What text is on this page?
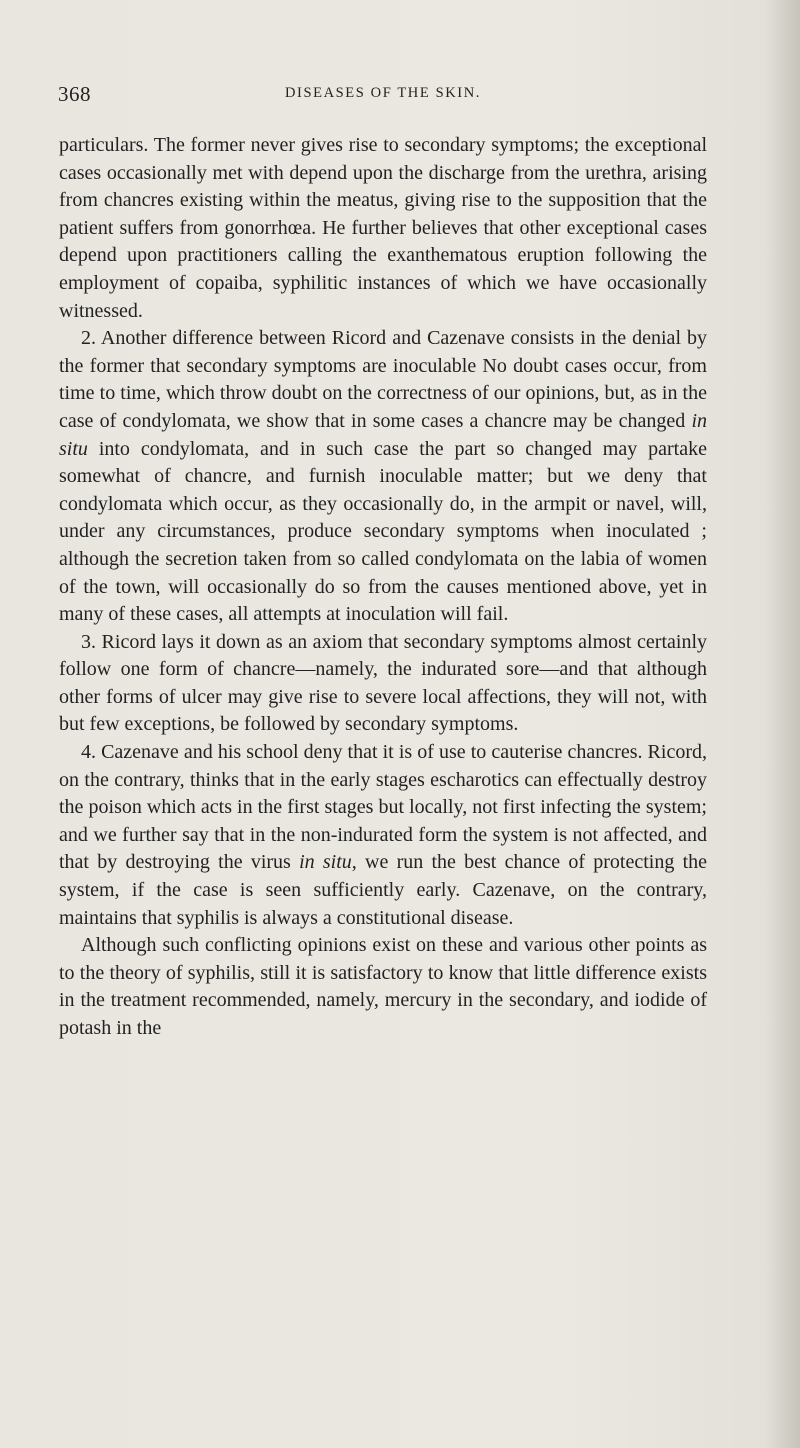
368	DISEASES OF THE SKIN.

particulars. The former never gives rise to secondary symptoms; the exceptional cases occasionally met with depend upon the discharge from the urethra, arising from chancres existing within the meatus, giving rise to the supposition that the patient suffers from gonorrhœa. He further believes that other exceptional cases depend upon practitioners calling the exanthematous eruption following the employment of copaiba, syphilitic instances of which we have occasionally witnessed.

2. Another difference between Ricord and Cazenave consists in the denial by the former that secondary symptoms are inoculable No doubt cases occur, from time to time, which throw doubt on the correctness of our opinions, but, as in the case of condylomata, we show that in some cases a chancre may be changed in situ into condylomata, and in such case the part so changed may partake somewhat of chancre, and furnish inoculable matter; but we deny that condylomata which occur, as they occasionally do, in the armpit or navel, will, under any circumstances, produce secondary symptoms when inoculated ; although the secretion taken from so called condylomata on the labia of women of the town, will occasionally do so from the causes mentioned above, yet in many of these cases, all attempts at inoculation will fail.

3. Ricord lays it down as an axiom that secondary symptoms almost certainly follow one form of chancre—namely, the indurated sore—and that although other forms of ulcer may give rise to severe local affections, they will not, with but few exceptions, be followed by secondary symptoms.

4. Cazenave and his school deny that it is of use to cauterise chancres. Ricord, on the contrary, thinks that in the early stages escharotics can effectually destroy the poison which acts in the first stages but locally, not first infecting the system; and we further say that in the non-indurated form the system is not affected, and that by destroying the virus in situ, we run the best chance of protecting the system, if the case is seen sufficiently early. Cazenave, on the contrary, maintains that syphilis is always a constitutional disease.

Although such conflicting opinions exist on these and various other points as to the theory of syphilis, still it is satisfactory to know that little difference exists in the treatment recommended, namely, mercury in the secondary, and iodide of potash in the
